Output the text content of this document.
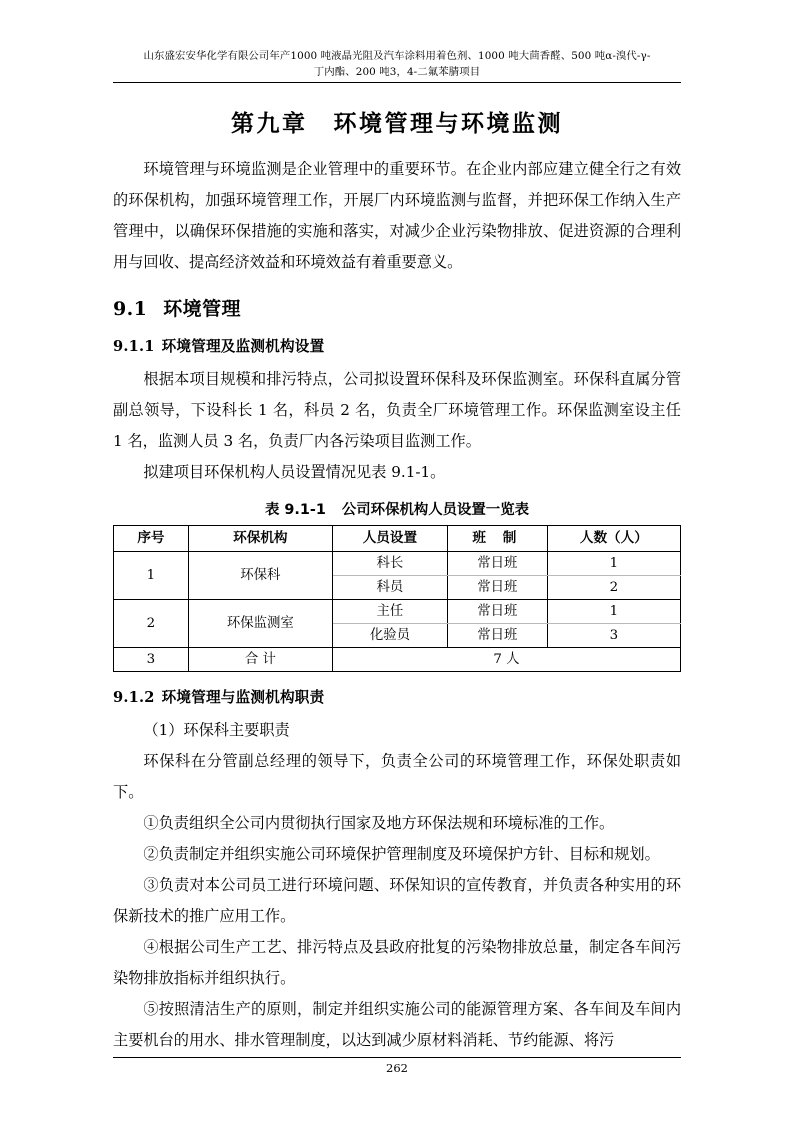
山东盛宏安华化学有限公司年产1000 吨液晶光阻及汽车涂料用着色剂、1000 吨大茴香醛、500 吨α-溴代-γ-
丁内酯、200 吨3，4-二氟苯腈项目
第九章 环境管理与环境监测

环境管理与环境监测是企业管理中的重要环节。在企业内部应建立健全行之有效的环保机构，加强环境管理工作，开展厂内环境监测与监督，并把环保工作纳入生产管理中，以确保环保措施的实施和落实，对减少企业污染物排放、促进资源的合理利用与回收、提高经济效益和环境效益有着重要意义。

9.1 环境管理
9.1.1 环境管理及监测机构设置

根据本项目规模和排污特点，公司拟设置环保科及环保监测室。环保科直属分管副总领导，下设科长 1 名，科员 2 名，负责全厂环境管理工作。环保监测室设主任 1 名，监测人员 3 名，负责厂内各污染项目监测工作。

拟建项目环保机构人员设置情况见表 9.1-1。

表 9.1-1 公司环保机构人员设置一览表
序号	环保机构	人员设置	班 制	人数（人）
1	环保科	科长	常日班	1
		科员	常日班	2
2	环保监测室	主任	常日班	1
		化验员	常日班	3
3	合 计	7 人		
9.1.2 环境管理与监测机构职责

（1）环保科主要职责

环保科在分管副总经理的领导下，负责全公司的环境管理工作，环保处职责如下。

①负责组织全公司内贯彻执行国家及地方环保法规和环境标准的工作。

②负责制定并组织实施公司环境保护管理制度及环境保护方针、目标和规划。

③负责对本公司员工进行环境问题、环保知识的宣传教育，并负责各种实用的环保新技术的推广应用工作。

④根据公司生产工艺、排污特点及县政府批复的污染物排放总量，制定各车间污染物排放指标并组织执行。

⑤按照清洁生产的原则，制定并组织实施公司的能源管理方案、各车间及车间内主要机台的用水、排水管理制度，以达到减少原材料消耗、节约能源、将污

262
